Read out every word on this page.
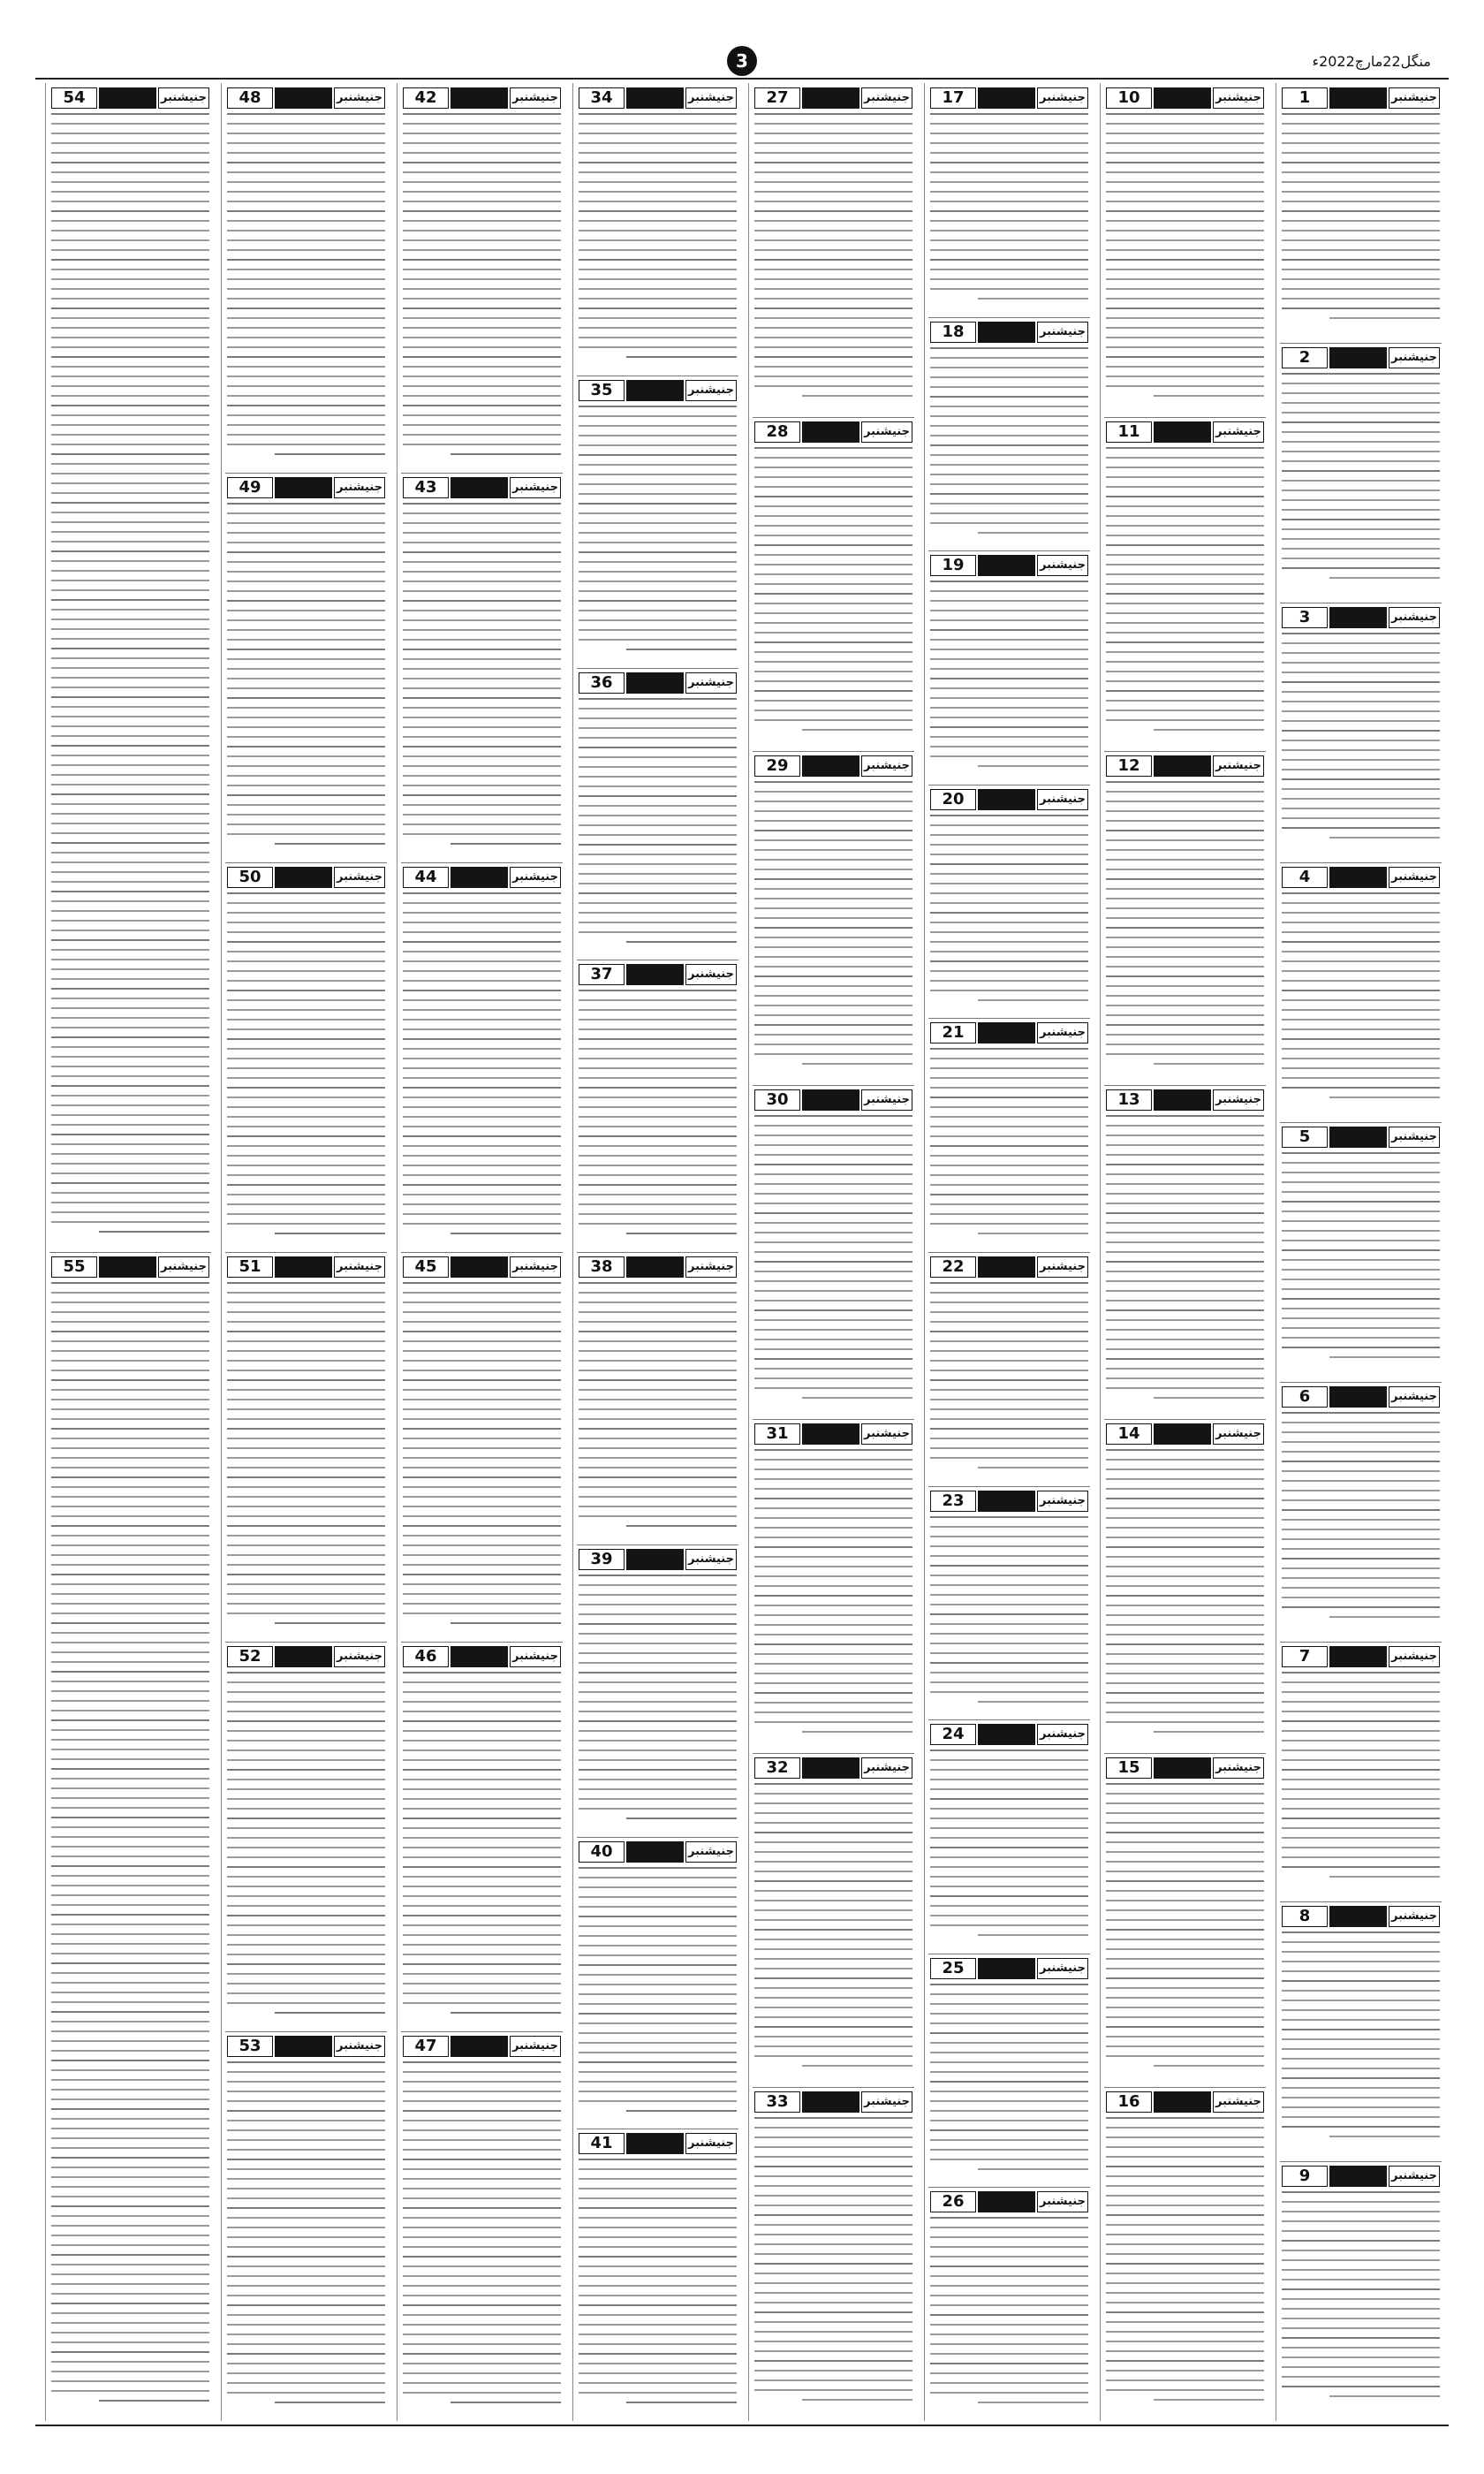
3	منگل22مارچ2022ء
جنیشنبر
1
جنیشنبر
2
جنیشنبر
3
جنیشنبر
4
جنیشنبر
5
جنیشنبر
6
جنیشنبر
7
جنیشنبر
8
جنیشنبر
9
جنیشنبر
10
جنیشنبر
11
جنیشنبر
12
جنیشنبر
13
جنیشنبر
14
جنیشنبر
15
جنیشنبر
16
جنیشنبر
17
جنیشنبر
18
جنیشنبر
19
جنیشنبر
20
جنیشنبر
21
جنیشنبر
22
جنیشنبر
23
جنیشنبر
24
جنیشنبر
25
جنیشنبر
26
جنیشنبر
27
جنیشنبر
28
جنیشنبر
29
جنیشنبر
30
جنیشنبر
31
جنیشنبر
32
جنیشنبر
33
جنیشنبر
34
جنیشنبر
35
جنیشنبر
36
جنیشنبر
37
جنیشنبر
38
جنیشنبر
39
جنیشنبر
40
جنیشنبر
41
جنیشنبر
42
جنیشنبر
43
جنیشنبر
44
جنیشنبر
45
جنیشنبر
46
جنیشنبر
47
جنیشنبر
48
جنیشنبر
49
جنیشنبر
50
جنیشنبر
51
جنیشنبر
52
جنیشنبر
53
جنیشنبر
54
جنیشنبر
55
